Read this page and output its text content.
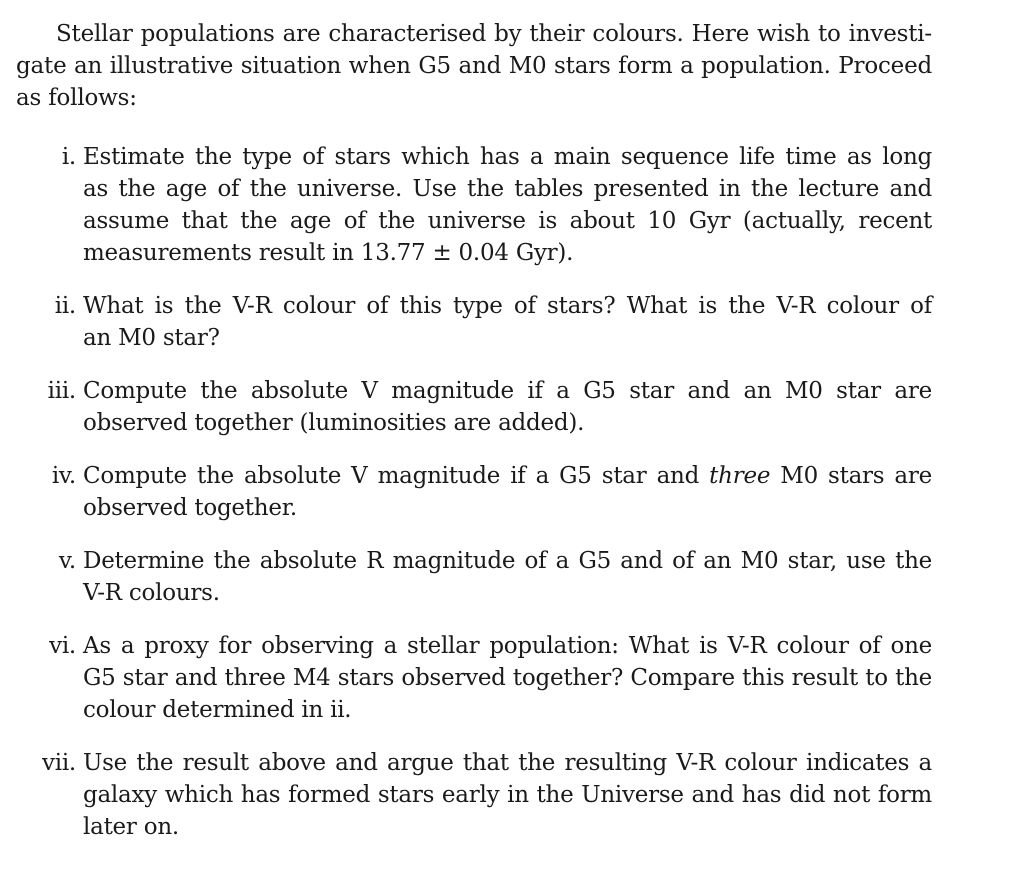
Stellar populations are characterised by their colours. Here wish to investi-
gate an illustrative situation when G5 and M0 stars form a population. Proceed
as follows:

i. Estimate the type of stars which has a main sequence life time as long
as the age of the universe. Use the tables presented in the lecture and
assume that the age of the universe is about 10 Gyr (actually, recent
measurements result in 13.77 ± 0.04 Gyr).
ii. What is the V-R colour of this type of stars? What is the V-R colour of
an M0 star?
iii. Compute the absolute V magnitude if a G5 star and an M0 star are
observed together (luminosities are added).
iv. Compute the absolute V magnitude if a G5 star and three M0 stars are
observed together.
v. Determine the absolute R magnitude of a G5 and of an M0 star, use the
V-R colours.
vi. As a proxy for observing a stellar population: What is V-R colour of one
G5 star and three M4 stars observed together? Compare this result to the
colour determined in ii.
vii. Use the result above and argue that the resulting V-R colour indicates a
galaxy which has formed stars early in the Universe and has did not form
later on.
